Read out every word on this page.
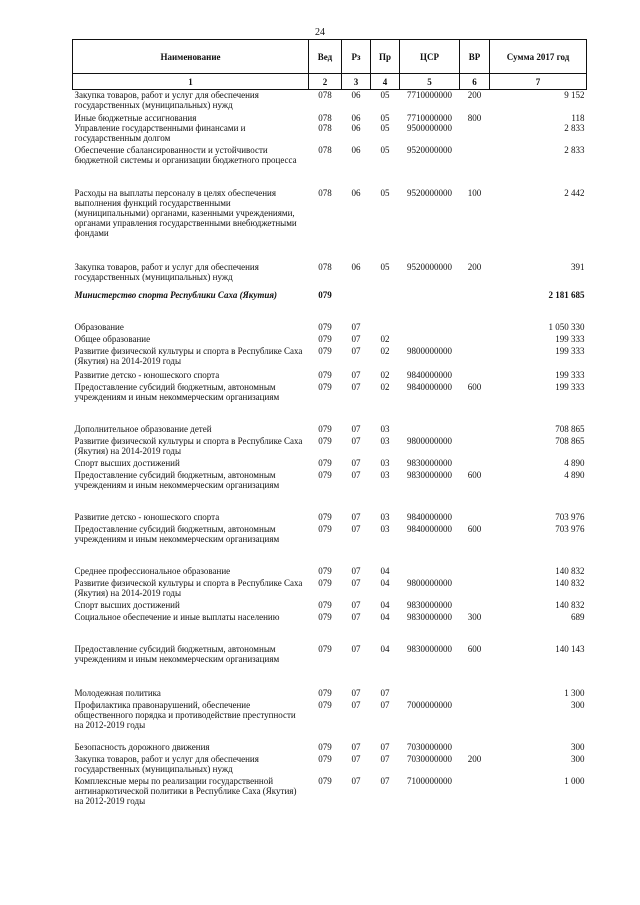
24
Наименование	Вед	Рз	Пр	ЦСР	ВР	Сумма 2017 год
1	2	3	4	5	6	7
Закупка товаров, работ и услуг для обеспечения государственных (муниципальных) нужд	078	06	05	7710000000	200	9 152
Иные бюджетные ассигнования	078	06	05	7710000000	800	118
Управление государственными финансами и государственным долгом	078	06	05	9500000000		2 833
Обеспечение сбалансированности и устойчивости бюджетной системы и организации бюджетного процесса	078	06	05	9520000000		2 833
Расходы на выплаты персоналу в целях обеспечения выполнения функций государственными (муниципальными) органами, казенными учреждениями, органами управления государственными внебюджетными фондами	078	06	05	9520000000	100	2 442
Закупка товаров, работ и услуг для обеспечения государственных (муниципальных) нужд	078	06	05	9520000000	200	391
Министерство спорта Республики Саха (Якутия)	079					2 181 685
Образование	079	07				1 050 330
Общее образование	079	07	02			199 333
Развитие физической культуры и спорта в Республике Саха (Якутия) на 2014-2019 годы	079	07	02	9800000000		199 333
Развитие детско - юношеского спорта	079	07	02	9840000000		199 333
Предоставление субсидий бюджетным, автономным учреждениям и иным некоммерческим организациям	079	07	02	9840000000	600	199 333
Дополнительное образование детей	079	07	03			708 865
Развитие физической культуры и спорта в Республике Саха (Якутия) на 2014-2019 годы	079	07	03	9800000000		708 865
Спорт высших достижений	079	07	03	9830000000		4 890
Предоставление субсидий бюджетным, автономным учреждениям и иным некоммерческим организациям	079	07	03	9830000000	600	4 890
Развитие детско - юношеского спорта	079	07	03	9840000000		703 976
Предоставление субсидий бюджетным, автономным учреждениям и иным некоммерческим организациям	079	07	03	9840000000	600	703 976
Среднее профессиональное образование	079	07	04			140 832
Развитие физической культуры и спорта в Республике Саха (Якутия) на 2014-2019 годы	079	07	04	9800000000		140 832
Спорт высших достижений	079	07	04	9830000000		140 832
Социальное обеспечение и иные выплаты населению	079	07	04	9830000000	300	689
Предоставление субсидий бюджетным, автономным учреждениям и иным некоммерческим организациям	079	07	04	9830000000	600	140 143
Молодежная политика	079	07	07			1 300
Профилактика правонарушений, обеспечение общественного порядка и противодействие преступности на 2012-2019 годы	079	07	07	7000000000		300
Безопасность дорожного движения	079	07	07	7030000000		300
Закупка товаров, работ и услуг для обеспечения государственных (муниципальных) нужд	079	07	07	7030000000	200	300
Комплексные меры по реализации государственной антинаркотической политики в Республике Саха (Якутия) на 2012-2019 годы	079	07	07	7100000000		1 000
